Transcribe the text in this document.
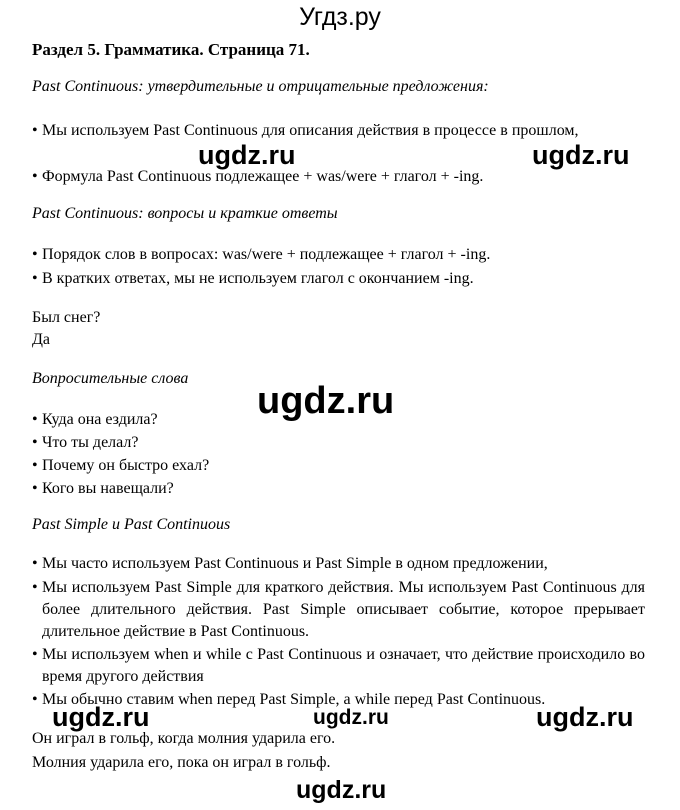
Угдз.ру
Раздел 5. Грамматика. Страница 71.
Past Continuous: утвердительные и отрицательные предложения:
• Мы используем Past Continuous для описания действия в процессе в прошлом,
• Формула Past Continuous подлежащее + was/were + глагол + -ing.
Past Continuous: вопросы и краткие ответы
• Порядок слов в вопросах: was/were + подлежащее + глагол + -ing.
• В кратких ответах, мы не используем глагол с окончанием -ing.
Был снег?
Да
Вопросительные слова
• Куда она ездила?
• Что ты делал?
• Почему он быстро ехал?
• Кого вы навещали?
Past Simple и Past Continuous
• Мы часто используем Past Continuous и Past Simple в одном предложении,
• Мы используем Past Simple для краткого действия. Мы используем Past Continuous для более длительного действия. Past Simple описывает событие, которое прерывает длительное действие в Past Continuous.
• Мы используем when и while с Past Continuous и означает, что действие происходило во время другого действия
• Мы обычно ставим when перед Past Simple, а while перед Past Continuous.
Он играл в гольф, когда молния ударила его.
Молния ударила его, пока он играл в гольф.
ugdz.ru	ugdz.ru
ugdz.ru
ugdz.ru	ugdz.ru	ugdz.ru
ugdz.ru
